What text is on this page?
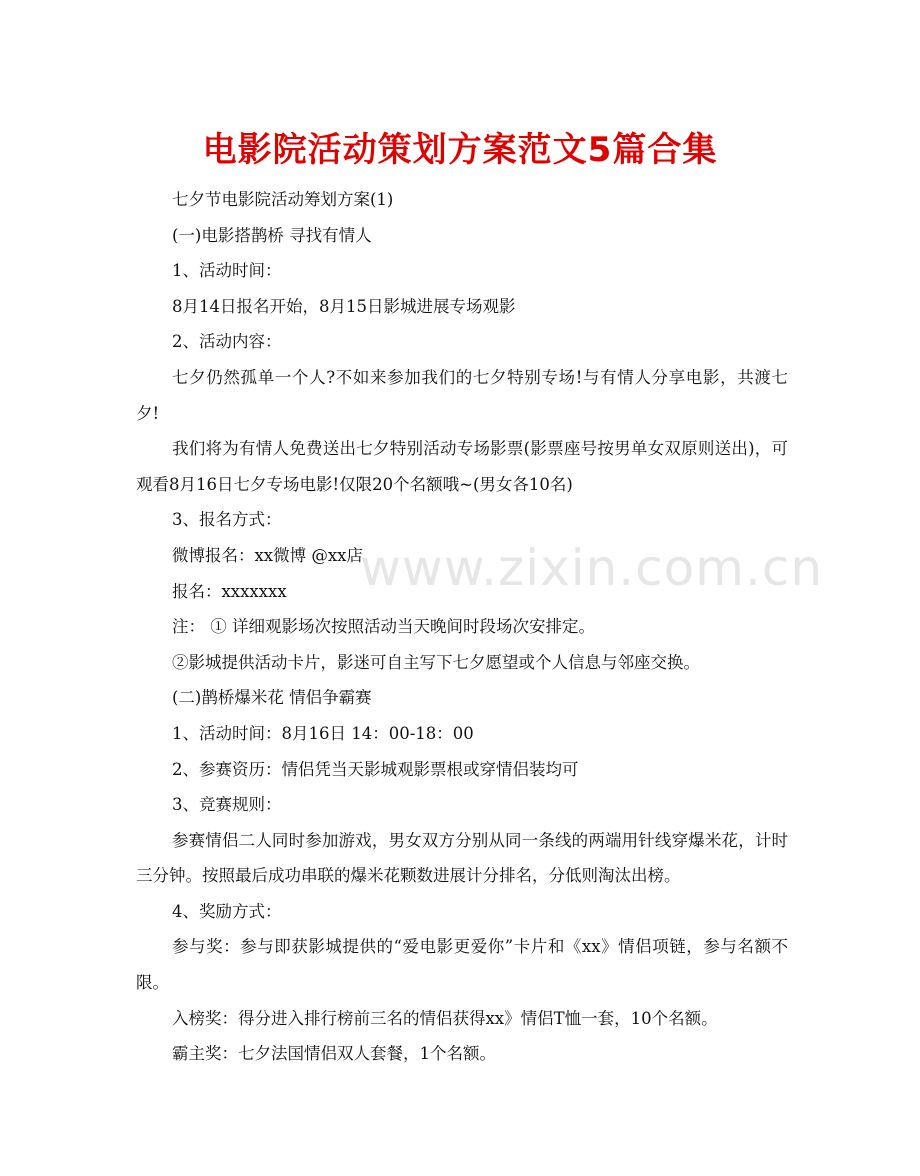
电影院活动策划方案范文5篇合集
七夕节电影院活动筹划方案(1)
(一)电影搭鹊桥 寻找有情人
1、活动时间：
8月14日报名开始，8月15日影城进展专场观影
2、活动内容：
七夕仍然孤单一个人?不如来参加我们的七夕特别专场!与有情人分享电影，共渡七夕!
我们将为有情人免费送出七夕特别活动专场影票(影票座号按男单女双原则送出)，可观看8月16日七夕专场电影!仅限20个名额哦~(男女各10名)
3、报名方式：
微博报名：xx微博 @xx店
报名：xxxxxxx
注： ① 详细观影场次按照活动当天晚间时段场次安排定。
②影城提供活动卡片，影迷可自主写下七夕愿望或个人信息与邻座交换。
(二)鹊桥爆米花 情侣争霸赛
1、活动时间：8月16日 14：00-18：00
2、参赛资历：情侣凭当天影城观影票根或穿情侣装均可
3、竞赛规则：
参赛情侣二人同时参加游戏，男女双方分别从同一条线的两端用针线穿爆米花，计时三分钟。按照最后成功串联的爆米花颗数进展计分排名，分低则淘汰出榜。
4、奖励方式：
参与奖：参与即获影城提供的“爱电影更爱你”卡片和《xx》情侣项链，参与名额不限。
入榜奖：得分进入排行榜前三名的情侣获得xx》情侣T恤一套，10个名额。
霸主奖：七夕法国情侣双人套餐，1个名额。
www.zixin.com.cn
